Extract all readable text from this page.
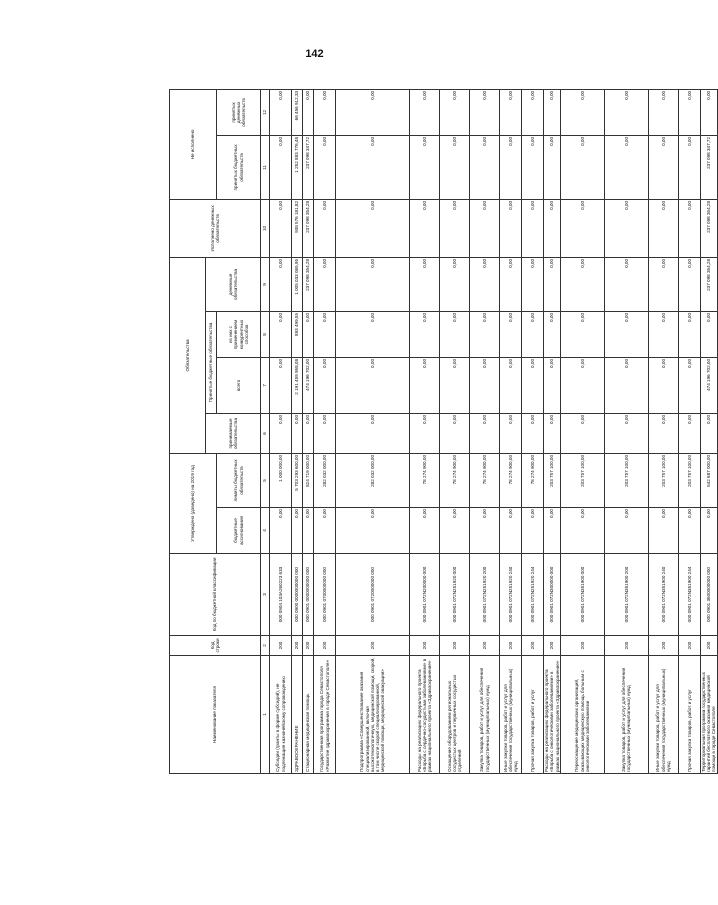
142
Наименование показателя	Код строки	Код по бюджетной классификации	Утверждено (доведено) на 2019 год		Обязательства				Исполнено денежных обязательств	Не исполнено	
					принимаемые обязательства	Принятые бюджетные обязательства		денежные обязательства			
			бюджетные ассигнования	лимиты бюджетных обязательств		всего	из них с применением конкурентных способов			принятых бюджетных обязательств	принятых денежных обязательств
1	2	3	4	5	6	7	8	9	10	11	12
Субсидии (гранты в форме субсидий), не подлежащие казначейскому сопровождению	200	000 0904 103А260223 633	0,00	1 000 000,00	0,00	0,00	0,00	0,00	0,00	0,00	0,00
ЗДРАВООХРАНЕНИЕ	200	000 0900 0000000000 000	0,00	5 703 293 600,00	0,00	2 191 459 958,08	893 499,55	1 005 033 065,95	938 576 181,82	1 252 883 776,48	66 456 912,33
Стационарная медицинская помощь	200	000 0901 0000000000 000	0,00	824 719 000,00	0,00	474 196 702,00	0,00	237 098 354,28	237 098 354,28	237 098 347,72	0,00
Государственная программа города Севастополя «Развитие здравоохранения в городе Севастополе»	200	000 0901 0700000000 000	0,00	282 032 000,00	0,00	0,00	0,00	0,00	0,00	0,00	0,00
Подпрограмма «Совершенствование оказания специализированной, включая высокотехнологичную, медицинской помощи, скорой, в том числе скорой специализированной, медицинской помощи, медицинской эвакуации»	200	000 0901 0720000000 000	0,00	282 032 000,00	0,00	0,00	0,00	0,00	0,00	0,00	0,00
Расходы на реализацию федерального проекта «Борьба с сердечно-сосудистыми заболеваниями» в рамках национального проекта «Здравоохранение»	200	000 0901 072N200000 000	0,00	78 274 900,00	0,00	0,00	0,00	0,00	0,00	0,00	0,00
Оснащение оборудованием региональных сосудистых центров и первичных сосудистых отделений	200	000 0901 072N251920 000	0,00	78 274 900,00	0,00	0,00	0,00	0,00	0,00	0,00	0,00
Закупка товаров, работ и услуг для обеспечения государственных (муниципальных) нужд	200	000 0901 072N251920 200	0,00	78 274 900,00	0,00	0,00	0,00	0,00	0,00	0,00	0,00
Иные закупки товаров, работ и услуг для обеспечения государственных (муниципальных) нужд	200	000 0901 072N251920 240	0,00	78 274 900,00	0,00	0,00	0,00	0,00	0,00	0,00	0,00
Прочая закупка товаров, работ и услуг	200	000 0901 072N251920 244	0,00	78 274 900,00	0,00	0,00	0,00	0,00	0,00	0,00	0,00
Расходы на реализацию федерального проекта «Борьба с онкологическими заболеваниями» в рамках национального проекта «Здравоохранение»	200	000 0901 072N300000 000	0,00	203 757 100,00	0,00	0,00	0,00	0,00	0,00	0,00	0,00
Переоснащение медицинских организаций, оказывающих медицинскую помощь больным с онкологическими заболеваниями	200	000 0901 072N351900 000	0,00	203 757 100,00	0,00	0,00	0,00	0,00	0,00	0,00	0,00
Закупка товаров, работ и услуг для обеспечения государственных (муниципальных) нужд	200	000 0901 072N351900 200	0,00	203 757 100,00	0,00	0,00	0,00	0,00	0,00	0,00	0,00
Иные закупки товаров, работ и услуг для обеспечения государственных (муниципальных) нужд	200	000 0901 072N351900 240	0,00	203 757 100,00	0,00	0,00	0,00	0,00	0,00	0,00	0,00
Прочая закупка товаров, работ и услуг	200	000 0901 072N351900 244	0,00	203 757 100,00	0,00	0,00	0,00	0,00	0,00	0,00	0,00
Территориальная программа государственных гарантий бесплатного оказания медицинской помощи в городе Севастополе	200	000 0901 3600000000 000	0,00	542 687 000,00	0,00	474 196 702,00	0,00	237 098 354,28	237 098 354,28	237 098 347,72	0,00
